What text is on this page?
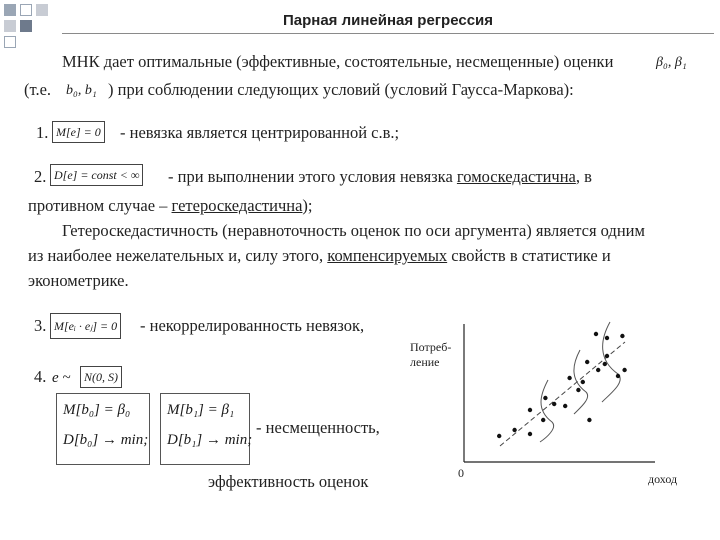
Парная линейная регрессия
МНК дает оптимальные (эффективные, состоятельные, несмещенные) оценки	β₀, β₁
(т.е. b₀, b₁ ) при соблюдении следующих условий (условий Гаусса-Маркова):
1. M[e] = 0 - невязка является центрированной с.в.;
2. D[e] = const < ∞ - при выполнении этого условия невязка гомоскедастична, в
противном случае – гетероскедастична);
Гетероскедастичность (неравноточность оценок по оси аргумента) является одним
из наиболее нежелательных и, силу этого, компенсируемых свойств в статистике и
эконометрике.
3. M[eᵢ · eⱼ] = 0 - некоррелированность невязок,
4. e ~	N(0, S)
M[b₀] = β₀
D[b₀] → min;
M[b₁] = β₁
D[b₁] → min;
- несмещенность,
эффективность оценок
Потреб-
ление
0	доход
